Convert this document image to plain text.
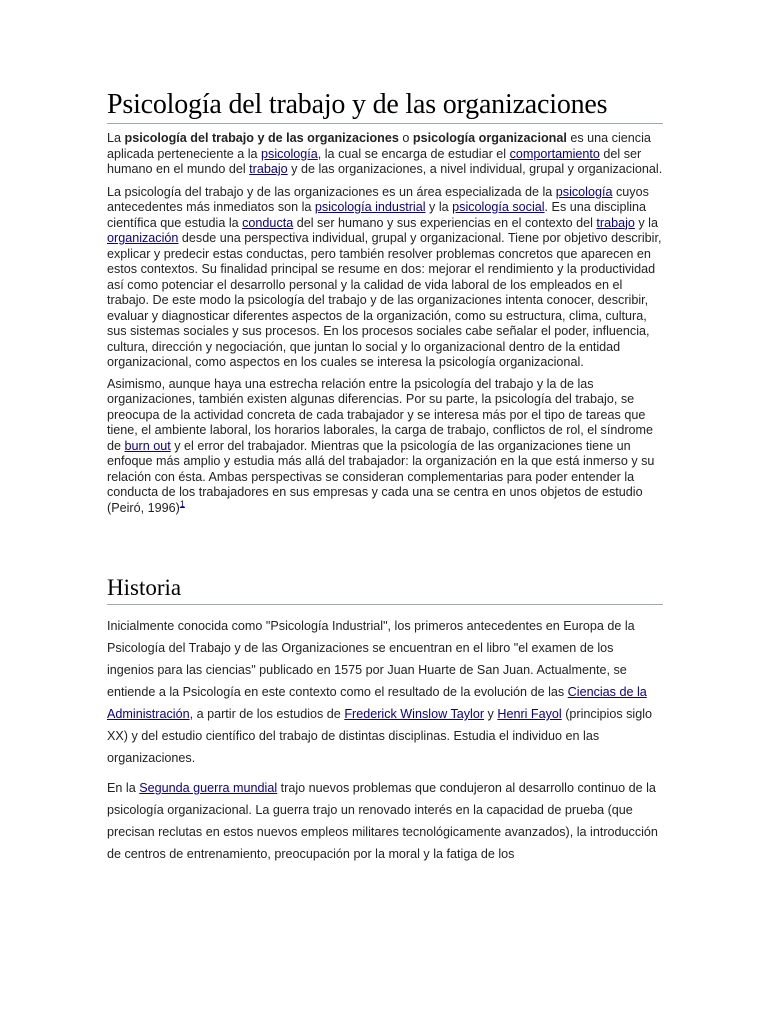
Psicología del trabajo y de las organizaciones

La psicología del trabajo y de las organizaciones o psicología organizacional es una ciencia aplicada perteneciente a la psicología, la cual se encarga de estudiar el comportamiento del ser humano en el mundo del trabajo y de las organizaciones, a nivel individual, grupal y organizacional.

La psicología del trabajo y de las organizaciones es un área especializada de la psicología cuyos antecedentes más inmediatos son la psicología industrial y la psicología social. Es una disciplina científica que estudia la conducta del ser humano y sus experiencias en el contexto del trabajo y la organización desde una perspectiva individual, grupal y organizacional. Tiene por objetivo describir, explicar y predecir estas conductas, pero también resolver problemas concretos que aparecen en estos contextos. Su finalidad principal se resume en dos: mejorar el rendimiento y la productividad así como potenciar el desarrollo personal y la calidad de vida laboral de los empleados en el trabajo. De este modo la psicología del trabajo y de las organizaciones intenta conocer, describir, evaluar y diagnosticar diferentes aspectos de la organización, como su estructura, clima, cultura, sus sistemas sociales y sus procesos. En los procesos sociales cabe señalar el poder, influencia, cultura, dirección y negociación, que juntan lo social y lo organizacional dentro de la entidad organizacional, como aspectos en los cuales se interesa la psicología organizacional.

Asimismo, aunque haya una estrecha relación entre la psicología del trabajo y la de las organizaciones, también existen algunas diferencias. Por su parte, la psicología del trabajo, se preocupa de la actividad concreta de cada trabajador y se interesa más por el tipo de tareas que tiene, el ambiente laboral, los horarios laborales, la carga de trabajo, conflictos de rol, el síndrome de burn out y el error del trabajador. Mientras que la psicología de las organizaciones tiene un enfoque más amplio y estudia más allá del trabajador: la organización en la que está inmerso y su relación con ésta. Ambas perspectivas se consideran complementarias para poder entender la conducta de los trabajadores en sus empresas y cada una se centra en unos objetos de estudio (Peiró, 1996)$^1$

Historia

Inicialmente conocida como "Psicología Industrial", los primeros antecedentes en Europa de la Psicología del Trabajo y de las Organizaciones se encuentran en el libro "el examen de los ingenios para las ciencias" publicado en 1575 por Juan Huarte de San Juan. Actualmente, se entiende a la Psicología en este contexto como el resultado de la evolución de las Ciencias de la Administración, a partir de los estudios de Frederick Winslow Taylor y Henri Fayol (principios siglo XX) y del estudio científico del trabajo de distintas disciplinas. Estudia el individuo en las organizaciones.

En la Segunda guerra mundial trajo nuevos problemas que condujeron al desarrollo continuo de la psicología organizacional. La guerra trajo un renovado interés en la capacidad de prueba (que precisan reclutas en estos nuevos empleos militares tecnológicamente avanzados), la introducción de centros de entrenamiento, preocupación por la moral y la fatiga de los
